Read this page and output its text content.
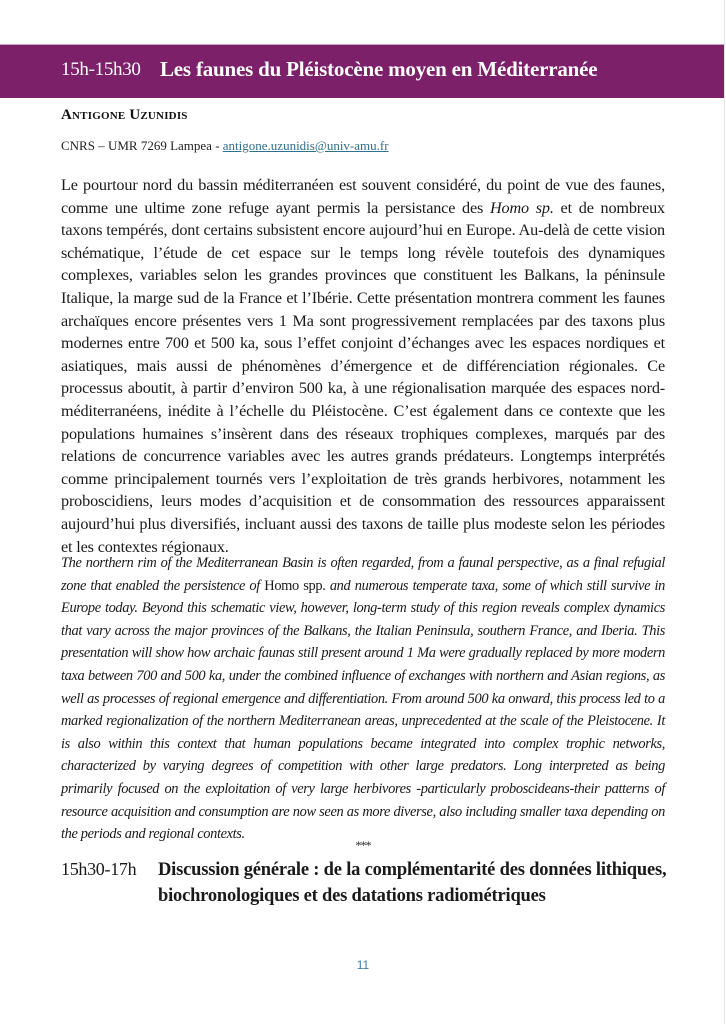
15h-15h30 Les faunes du Pléistocène moyen en Méditerranée
Antigone Uzunidis
CNRS – UMR 7269 Lampea - antigone.uzunidis@univ-amu.fr

Le pourtour nord du bassin méditerranéen est souvent considéré, du point de vue des faunes, comme une ultime zone refuge ayant permis la persistance des Homo sp. et de nombreux taxons tempérés, dont certains subsistent encore aujourd’hui en Europe. Au-delà de cette vision schématique, l’étude de cet espace sur le temps long révèle toutefois des dynamiques complexes, variables selon les grandes provinces que constituent les Balkans, la péninsule Italique, la marge sud de la France et l’Ibérie. Cette présentation montrera comment les faunes archaïques encore présentes vers 1 Ma sont progressivement remplacées par des taxons plus modernes entre 700 et 500 ka, sous l’effet conjoint d’échanges avec les espaces nordiques et asiatiques, mais aussi de phénomènes d’émergence et de différenciation régionales. Ce processus aboutit, à partir d’environ 500 ka, à une régionalisation marquée des espaces nord-méditerranéens, inédite à l’échelle du Pléistocène. C’est également dans ce contexte que les populations humaines s’insèrent dans des réseaux trophiques complexes, marqués par des relations de concurrence variables avec les autres grands prédateurs. Longtemps interprétés comme principalement tournés vers l’exploitation de très grands herbivores, notamment les proboscidiens, leurs modes d’acquisition et de consommation des ressources apparaissent aujourd’hui plus diversifiés, incluant aussi des taxons de taille plus modeste selon les périodes et les contextes régionaux.

The northern rim of the Mediterranean Basin is often regarded, from a faunal perspective, as a final refugial zone that enabled the persistence of Homo spp. and numerous temperate taxa, some of which still survive in Europe today. Beyond this schematic view, however, long-term study of this region reveals complex dynamics that vary across the major provinces of the Balkans, the Italian Peninsula, southern France, and Iberia. This presentation will show how archaic faunas still present around 1 Ma were gradually replaced by more modern taxa between 700 and 500 ka, under the combined influence of exchanges with northern and Asian regions, as well as processes of regional emergence and differentiation. From around 500 ka onward, this process led to a marked regionalization of the northern Mediterranean areas, unprecedented at the scale of the Pleistocene. It is also within this context that human populations became integrated into complex trophic networks, characterized by varying degrees of competition with other large predators. Long interpreted as being primarily focused on the exploitation of very large herbivores -particularly proboscideans-their patterns of resource acquisition and consumption are now seen as more diverse, also including smaller taxa depending on the periods and regional contexts.

***
15h30-17h Discussion générale : de la complémentarité des données lithiques, biochronologiques et des datations radiométriques
11
